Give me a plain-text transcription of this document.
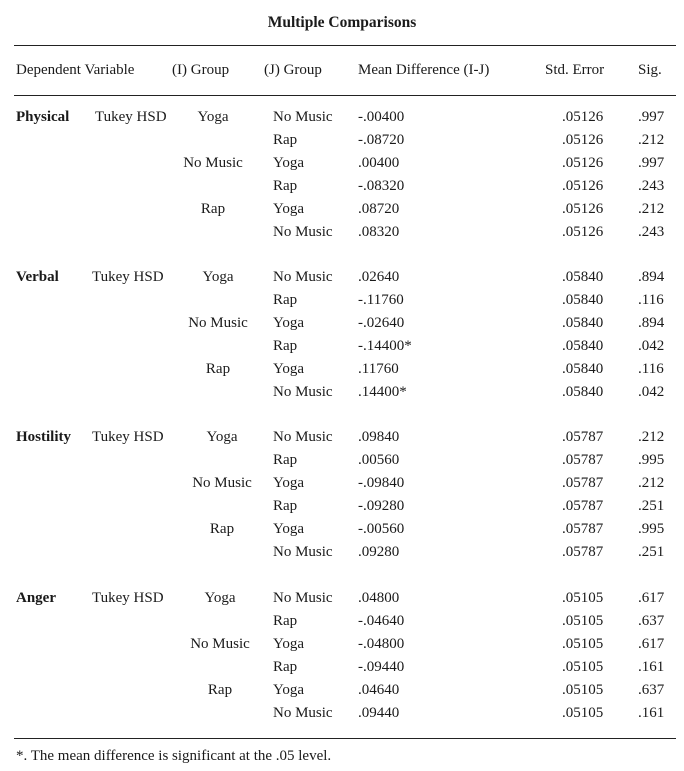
Multiple Comparisons
Dependent Variable	(I) Group (J) Group Mean Difference (I-J)	Std. Error Sig.
Physical Tukey HSD	Yoga	No Music -.00400	.05126 .997
Rap	-.08720	.05126 .212
No Music	Yoga	.00400	.05126 .997
Rap	-.08320	.05126 .243
Rap	Yoga	.08720	.05126 .212
No Music .08320	.05126 .243
Verbal Tukey HSD	Yoga	No Music .02640	.05840 .894
Rap	-.11760	.05840 .116
No Music	Yoga	-.02640	.05840 .894
Rap	-.14400*	.05840 .042
Rap	Yoga	.11760	.05840 .116
No Music .14400*	.05840 .042
Hostility Tukey HSD	Yoga	No Music .09840	.05787 .212
Rap	.00560	.05787 .995
No Music	Yoga	-.09840	.05787 .212
Rap	-.09280	.05787 .251
Rap	Yoga	-.00560	.05787 .995
No Music .09280	.05787 .251
Anger Tukey HSD	Yoga	No Music .04800	.05105 .617
Rap	-.04640	.05105 .637
No Music	Yoga	-.04800	.05105 .617
Rap	-.09440	.05105 .161
Rap	Yoga	.04640	.05105 .637
No Music .09440	.05105 .161
*. The mean difference is significant at the .05 level.
